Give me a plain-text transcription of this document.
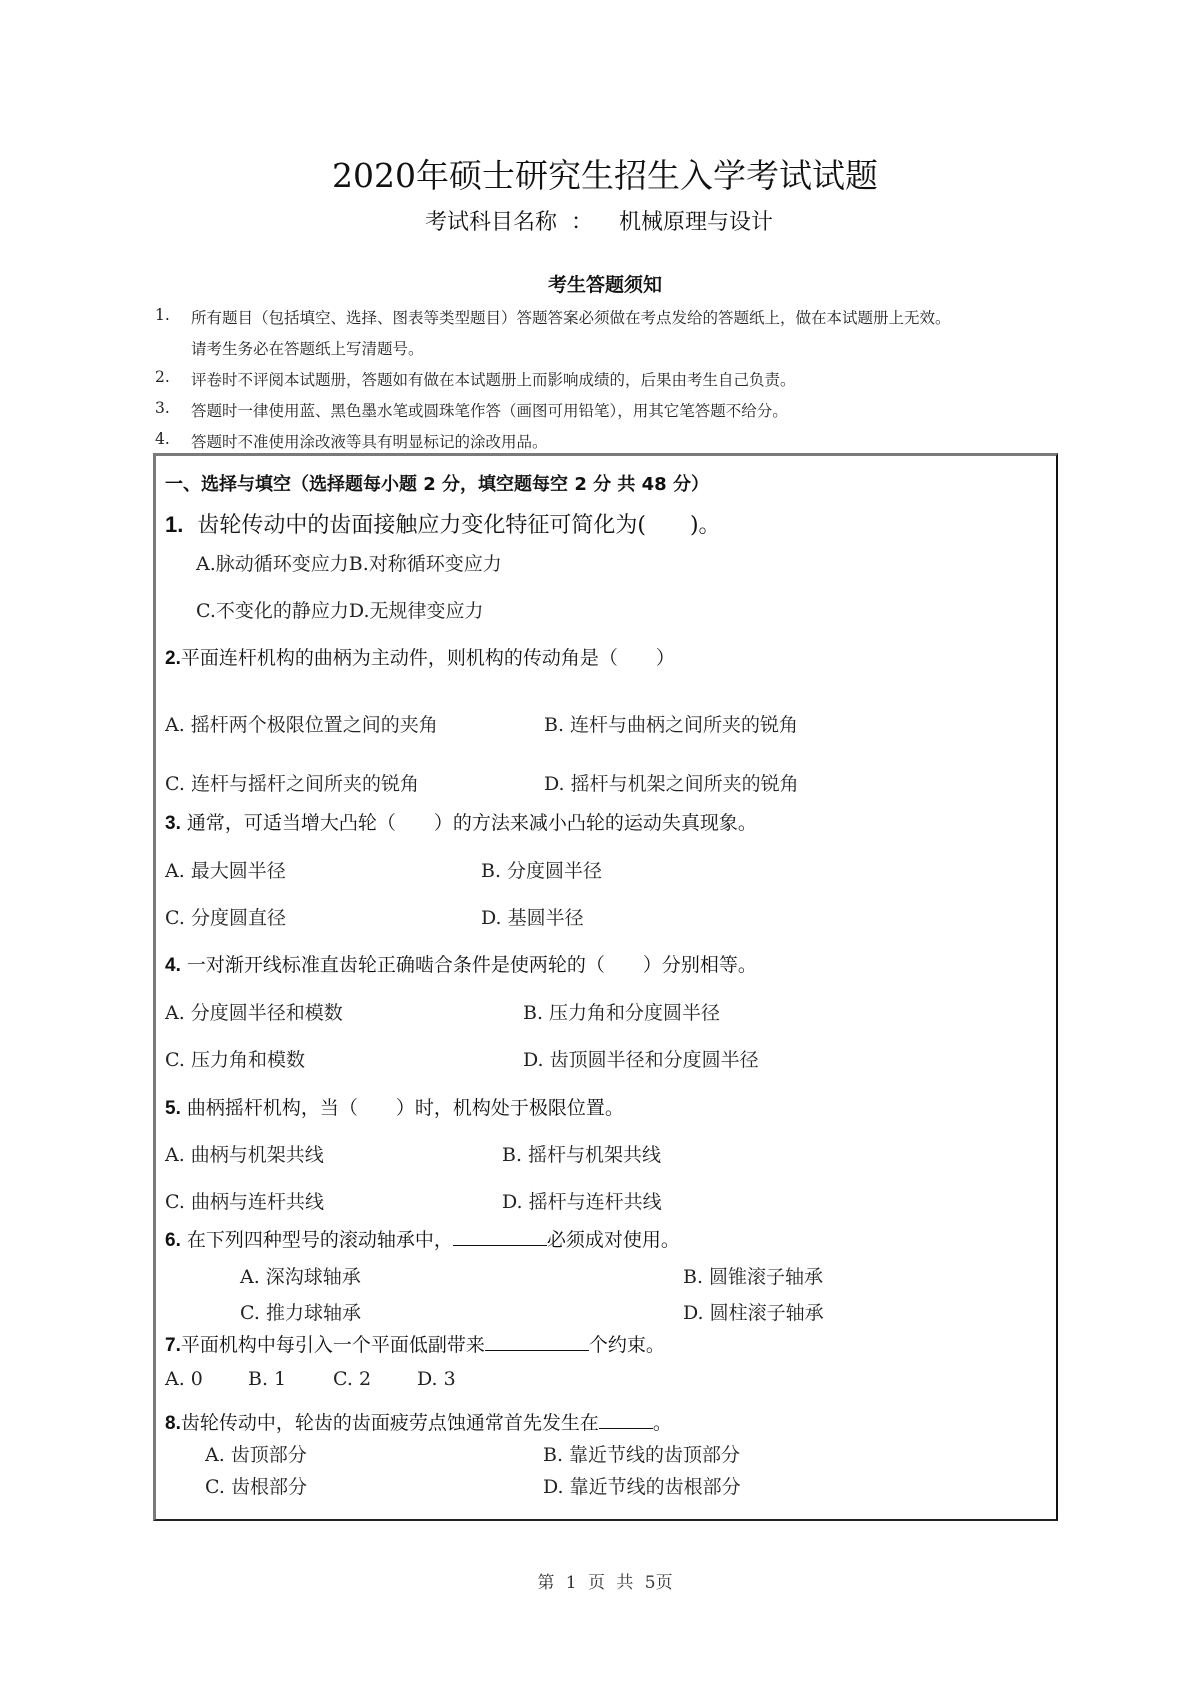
2020年硕士研究生招生入学考试试题
考试科目名称 ： 机械原理与设计
考生答题须知
1. 所有题目（包括填空、选择、图表等类型题目）答题答案必须做在考点发给的答题纸上，做在本试题册上无效。
请考生务必在答题纸上写清题号。
2. 评卷时不评阅本试题册，答题如有做在本试题册上而影响成绩的，后果由考生自己负责。
3. 答题时一律使用蓝、黑色墨水笔或圆珠笔作答（画图可用铅笔），用其它笔答题不给分。
4. 答题时不准使用涂改液等具有明显标记的涂改用品。
一、选择与填空（选择题每小题 2 分，填空题每空 2 分 共 48 分）
1. 齿轮传动中的齿面接触应力变化特征可简化为(　　)。
A.脉动循环变应力B.对称循环变应力
C.不变化的静应力D.无规律变应力
2.平面连杆机构的曲柄为主动件，则机构的传动角是（　　）
A. 摇杆两个极限位置之间的夹角	B. 连杆与曲柄之间所夹的锐角
C. 连杆与摇杆之间所夹的锐角	D. 摇杆与机架之间所夹的锐角
3. 通常，可适当增大凸轮（　　）的方法来减小凸轮的运动失真现象。
A. 最大圆半径	B. 分度圆半径
C. 分度圆直径	D. 基圆半径
4. 一对渐开线标准直齿轮正确啮合条件是使两轮的（　　）分别相等。
A. 分度圆半径和模数	B. 压力角和分度圆半径
C. 压力角和模数	D. 齿顶圆半径和分度圆半径
5. 曲柄摇杆机构，当（　　）时，机构处于极限位置。
A. 曲柄与机架共线	B. 摇杆与机架共线
C. 曲柄与连杆共线	D. 摇杆与连杆共线
6. 在下列四种型号的滚动轴承中，	必须成对使用。
A. 深沟球轴承	B. 圆锥滚子轴承
C. 推力球轴承	D. 圆柱滚子轴承
7.平面机构中每引入一个平面低副带来	个约束。
A. 0 B. 1 C. 2 D. 3
8.齿轮传动中，轮齿的齿面疲劳点蚀通常首先发生在	。
A. 齿顶部分	B. 靠近节线的齿顶部分
C. 齿根部分	D. 靠近节线的齿根部分
第 1 页 共 5页
